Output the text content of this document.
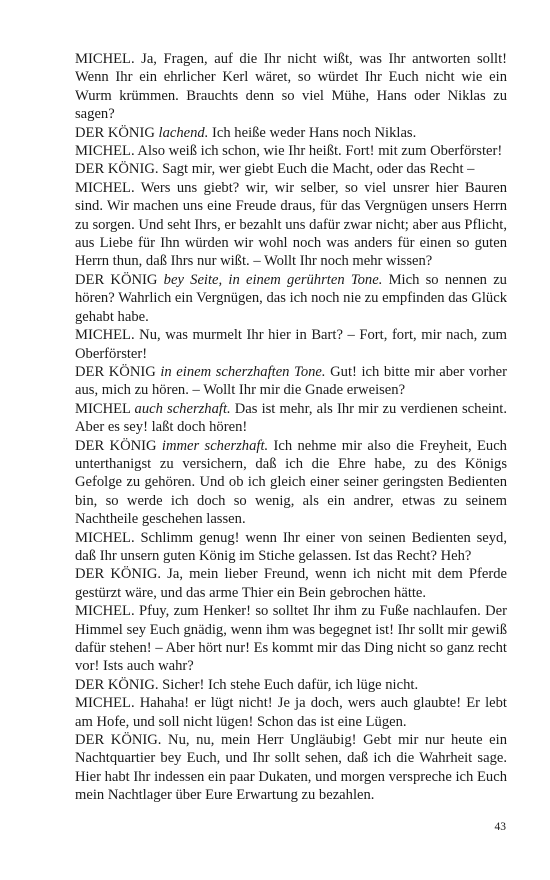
MICHEL. Ja, Fragen, auf die Ihr nicht wißt, was Ihr antworten sollt! Wenn Ihr ein ehrlicher Kerl wäret, so würdet Ihr Euch nicht wie ein Wurm krümmen. Brauchts denn so viel Mühe, Hans oder Niklas zu sagen?

DER KÖNIG lachend. Ich heiße weder Hans noch Niklas.

MICHEL. Also weiß ich schon, wie Ihr heißt. Fort! mit zum Oberförster!

DER KÖNIG. Sagt mir, wer giebt Euch die Macht, oder das Recht –

MICHEL. Wers uns giebt? wir, wir selber, so viel unsrer hier Bauren sind. Wir machen uns eine Freude draus, für das Vergnügen unsers Herrn zu sorgen. Und seht Ihrs, er bezahlt uns dafür zwar nicht; aber aus Pflicht, aus Liebe für Ihn würden wir wohl noch was anders für einen so guten Herrn thun, daß Ihrs nur wißt. – Wollt Ihr noch mehr wissen?

DER KÖNIG bey Seite, in einem gerührten Tone. Mich so nennen zu hören? Wahrlich ein Vergnügen, das ich noch nie zu empfinden das Glück gehabt habe.

MICHEL. Nu, was murmelt Ihr hier in Bart? – Fort, fort, mir nach, zum Oberförster!

DER KÖNIG in einem scherzhaften Tone. Gut! ich bitte mir aber vorher aus, mich zu hören. – Wollt Ihr mir die Gnade erweisen?

MICHEL auch scherzhaft. Das ist mehr, als Ihr mir zu verdienen scheint. Aber es sey! laßt doch hören!

DER KÖNIG immer scherzhaft. Ich nehme mir also die Freyheit, Euch unterthanigst zu versichern, daß ich die Ehre habe, zu des Königs Gefolge zu gehören. Und ob ich gleich einer seiner geringsten Bedienten bin, so werde ich doch so wenig, als ein andrer, etwas zu seinem Nachtheile geschehen lassen.

MICHEL. Schlimm genug! wenn Ihr einer von seinen Bedienten seyd, daß Ihr unsern guten König im Stiche gelassen. Ist das Recht? Heh?

DER KÖNIG. Ja, mein lieber Freund, wenn ich nicht mit dem Pferde gestürzt wäre, und das arme Thier ein Bein gebrochen hätte.

MICHEL. Pfuy, zum Henker! so solltet Ihr ihm zu Fuße nachlaufen. Der Himmel sey Euch gnädig, wenn ihm was begegnet ist! Ihr sollt mir gewiß dafür stehen! – Aber hört nur! Es kommt mir das Ding nicht so ganz recht vor! Ists auch wahr?

DER KÖNIG. Sicher! Ich stehe Euch dafür, ich lüge nicht.

MICHEL. Hahaha! er lügt nicht! Je ja doch, wers auch glaubte! Er lebt am Hofe, und soll nicht lügen! Schon das ist eine Lügen.

DER KÖNIG. Nu, nu, mein Herr Ungläubig! Gebt mir nur heute ein Nachtquartier bey Euch, und Ihr sollt sehen, daß ich die Wahrheit sage. Hier habt Ihr indessen ein paar Dukaten, und morgen verspreche ich Euch mein Nachtlager über Eure Erwartung zu bezahlen.

43
